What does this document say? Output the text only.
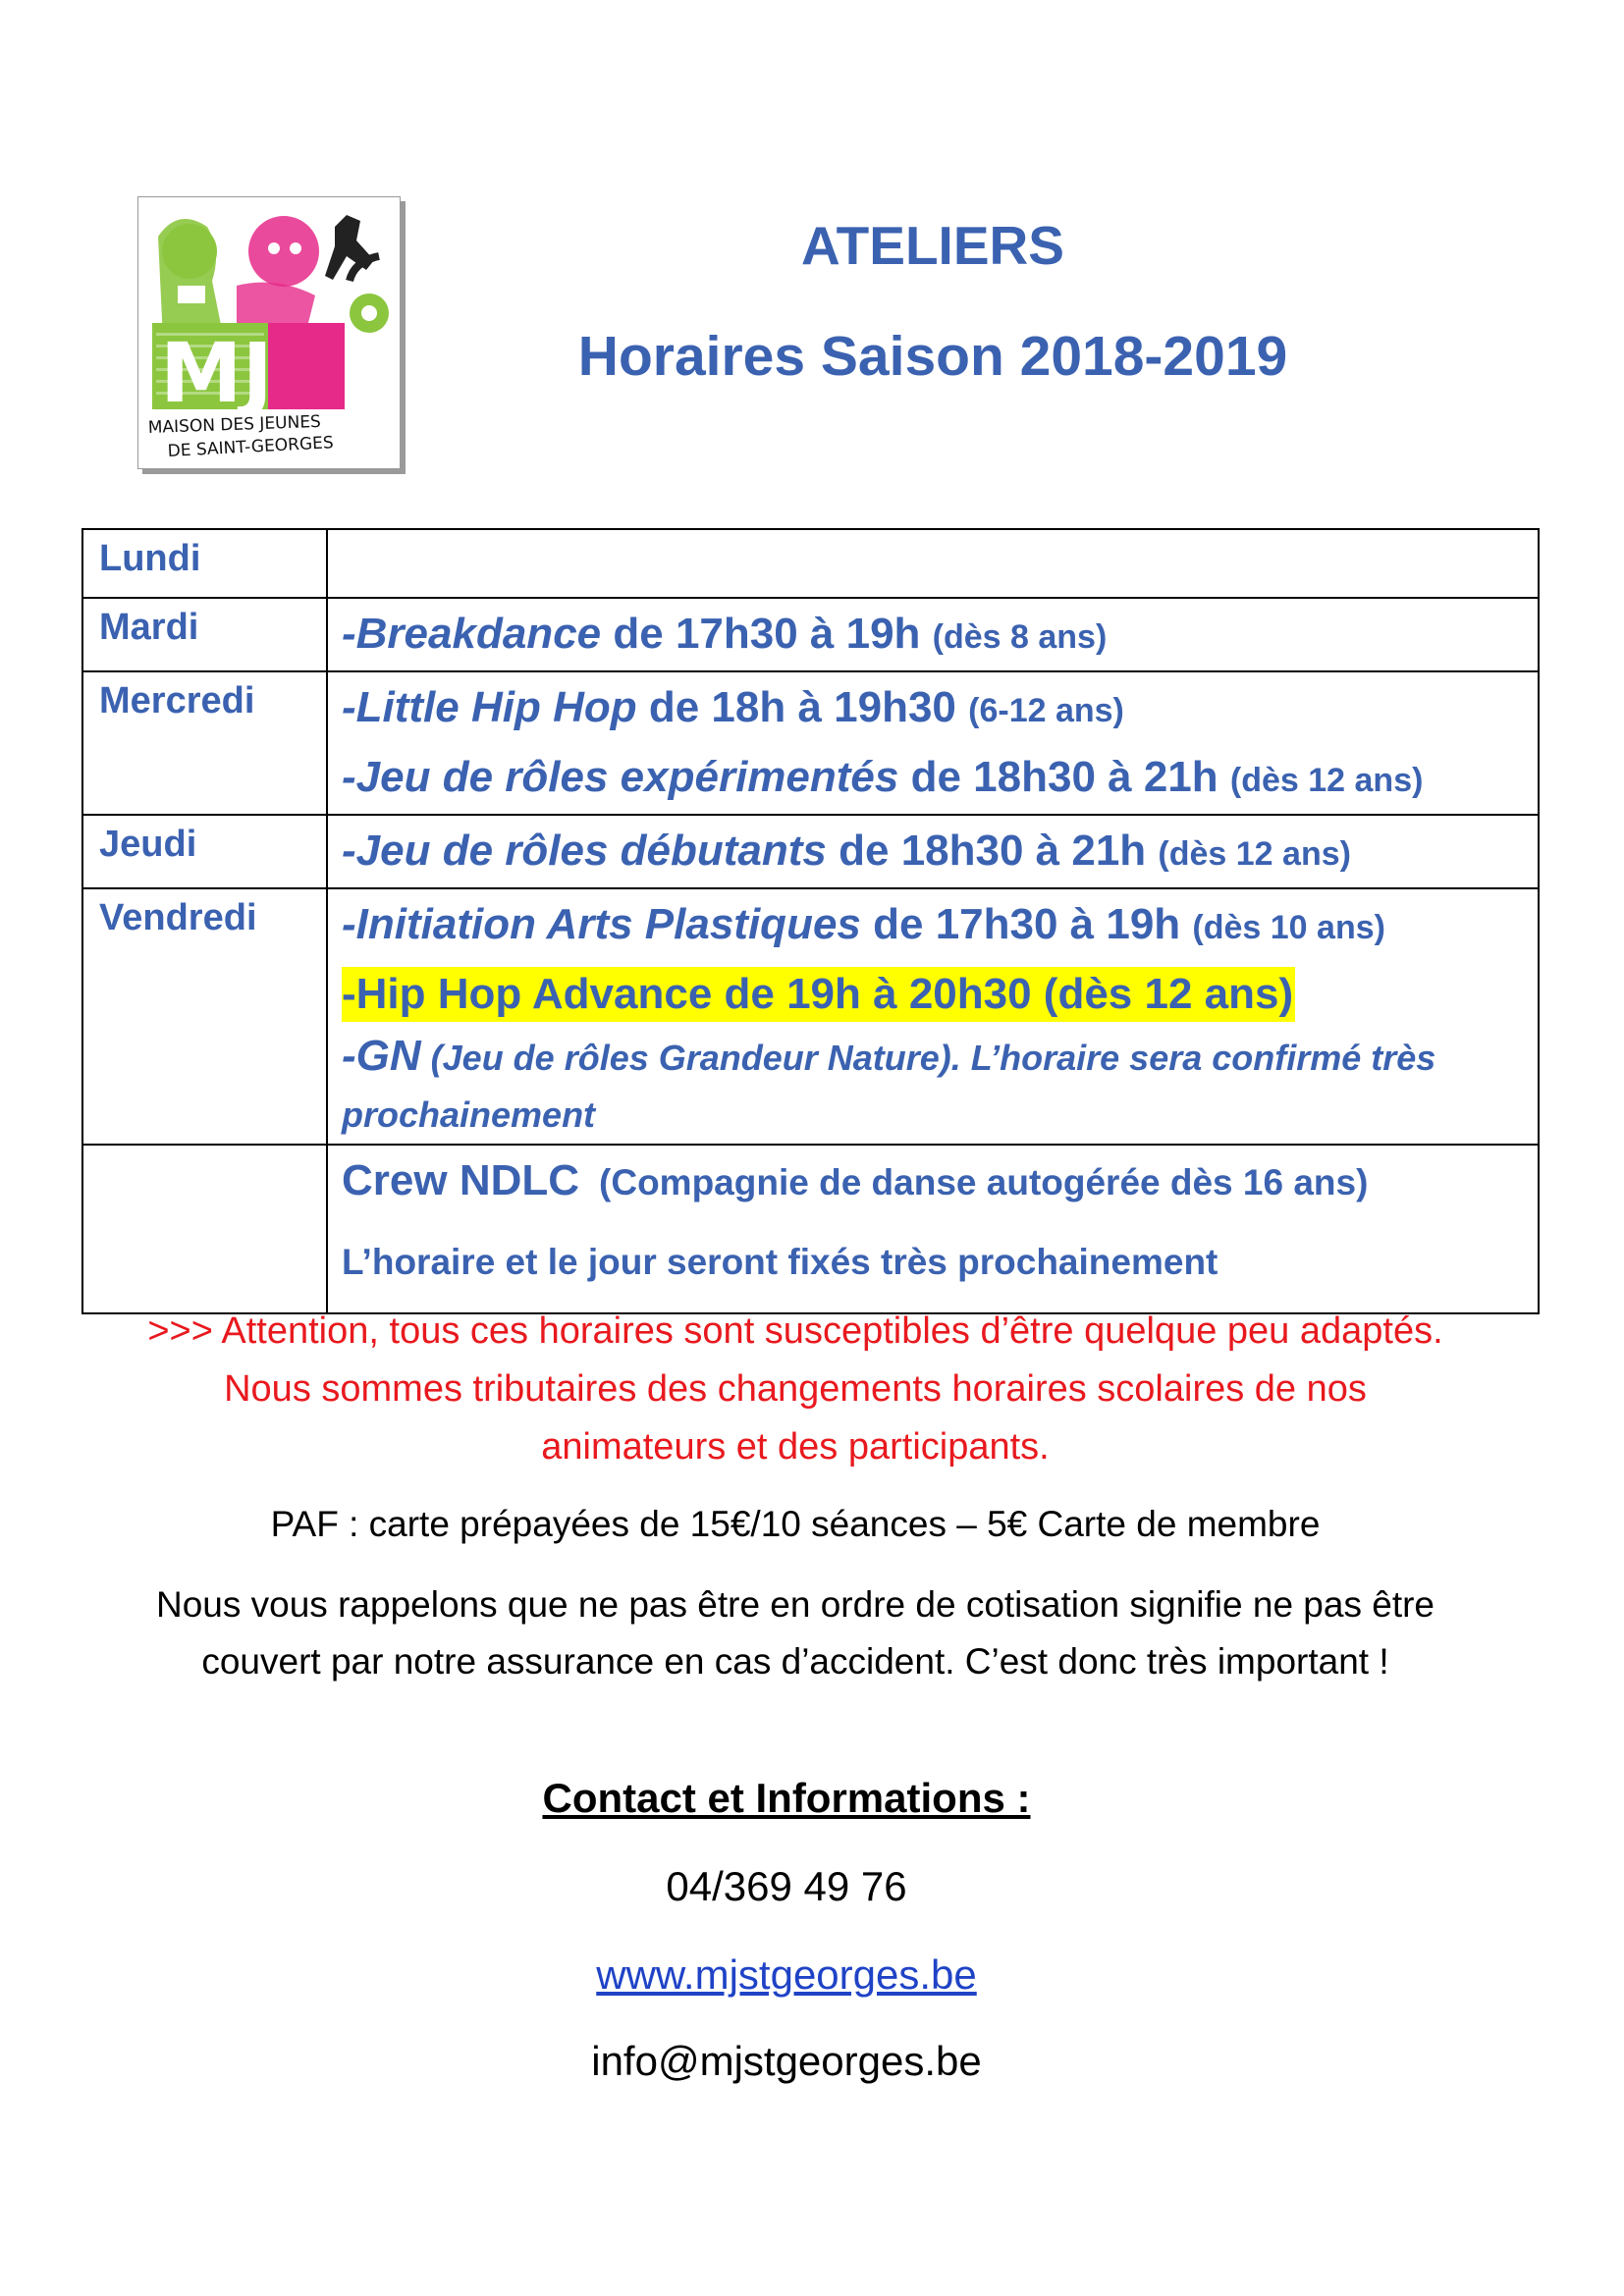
MJ
MAISON DES JEUNES
DE SAINT-GEORGES
ATELIERS
Horaires Saison 2018-2019
Lundi	
Mardi	-Breakdance de 17h30 à 19h (dès 8 ans)

Mercredi	-Little Hip Hop de 18h à 19h30 (6-12 ans)
-Jeu de rôles expérimentés de 18h30 à 21h (dès 12 ans)

Jeudi	-Jeu de rôles débutants de 18h30 à 21h (dès 12 ans)

Vendredi	-Initiation Arts Plastiques de 17h30 à 19h (dès 10 ans)
-Hip Hop Advance de 19h à 20h30 (dès 12 ans)
-GN (Jeu de rôles Grandeur Nature). L’horaire sera confirmé très prochainement

	Crew NDLC (Compagnie de danse autogérée dès 16 ans)
L’horaire et le jour seront fixés très prochainement
>>> Attention, tous ces horaires sont susceptibles d’être quelque peu adaptés. Nous sommes tributaires des changements horaires scolaires de nos animateurs et des participants.
PAF : carte prépayées de 15€/10 séances – 5€ Carte de membre
Nous vous rappelons que ne pas être en ordre de cotisation signifie ne pas être couvert par notre assurance en cas d’accident. C’est donc très important !
Contact et Informations :
04/369 49 76
www.mjstgeorges.be
info@mjstgeorges.be
